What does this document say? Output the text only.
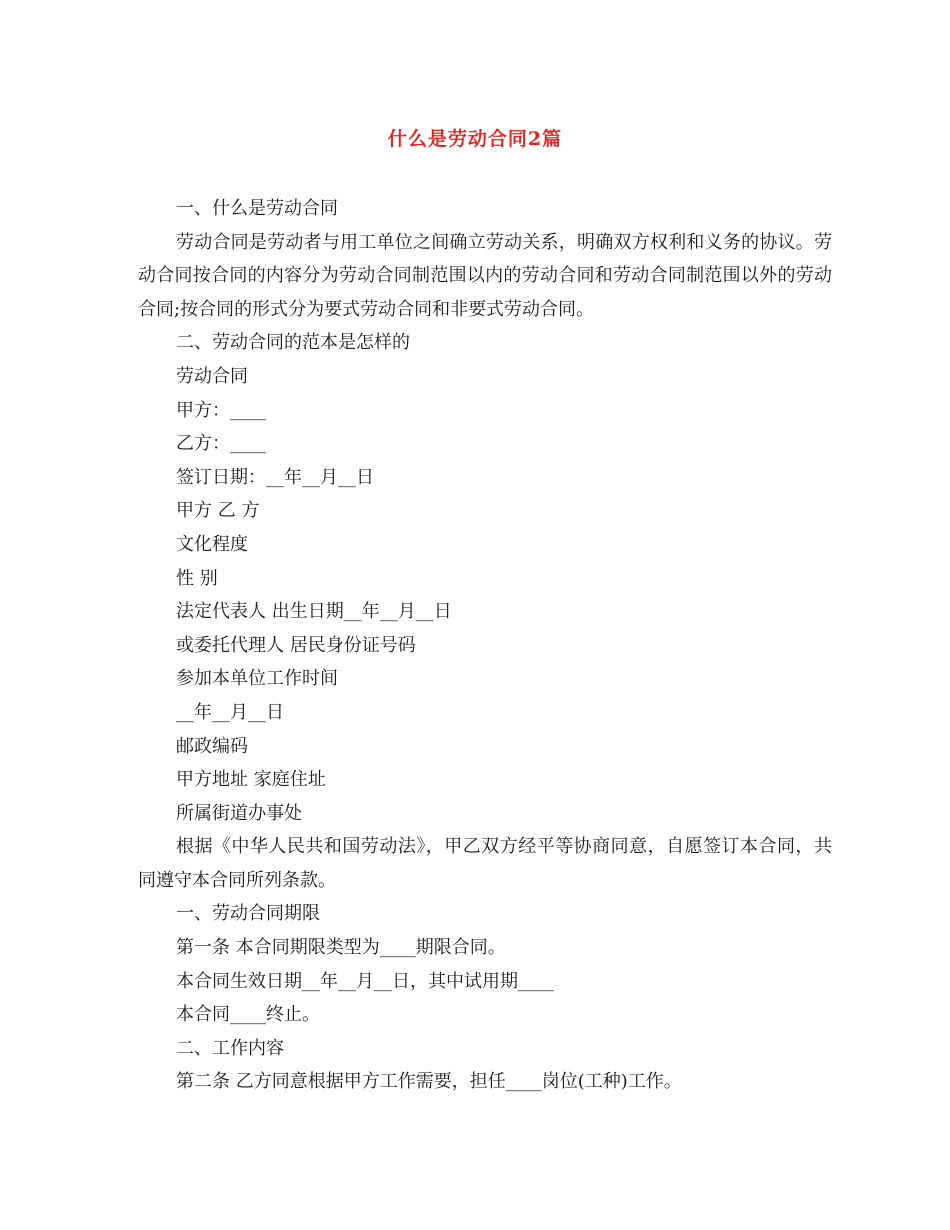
什么是劳动合同2篇

一、什么是劳动合同

劳动合同是劳动者与用工单位之间确立劳动关系，明确双方权利和义务的协议。劳动合同按合同的内容分为劳动合同制范围以内的劳动合同和劳动合同制范围以外的劳动合同;按合同的形式分为要式劳动合同和非要式劳动合同。

二、劳动合同的范本是怎样的

劳动合同

甲方：____

乙方：____

签订日期：__年__月__日

甲方 乙 方

文化程度

性 别

法定代表人 出生日期__年__月__日

或委托代理人 居民身份证号码

参加本单位工作时间

__年__月__日

邮政编码

甲方地址 家庭住址

所属街道办事处

根据《中华人民共和国劳动法》，甲乙双方经平等协商同意，自愿签订本合同，共同遵守本合同所列条款。

一、劳动合同期限

第一条 本合同期限类型为____期限合同。

本合同生效日期__年__月__日，其中试用期____

本合同____终止。

二、工作内容

第二条 乙方同意根据甲方工作需要，担任____岗位(工种)工作。
